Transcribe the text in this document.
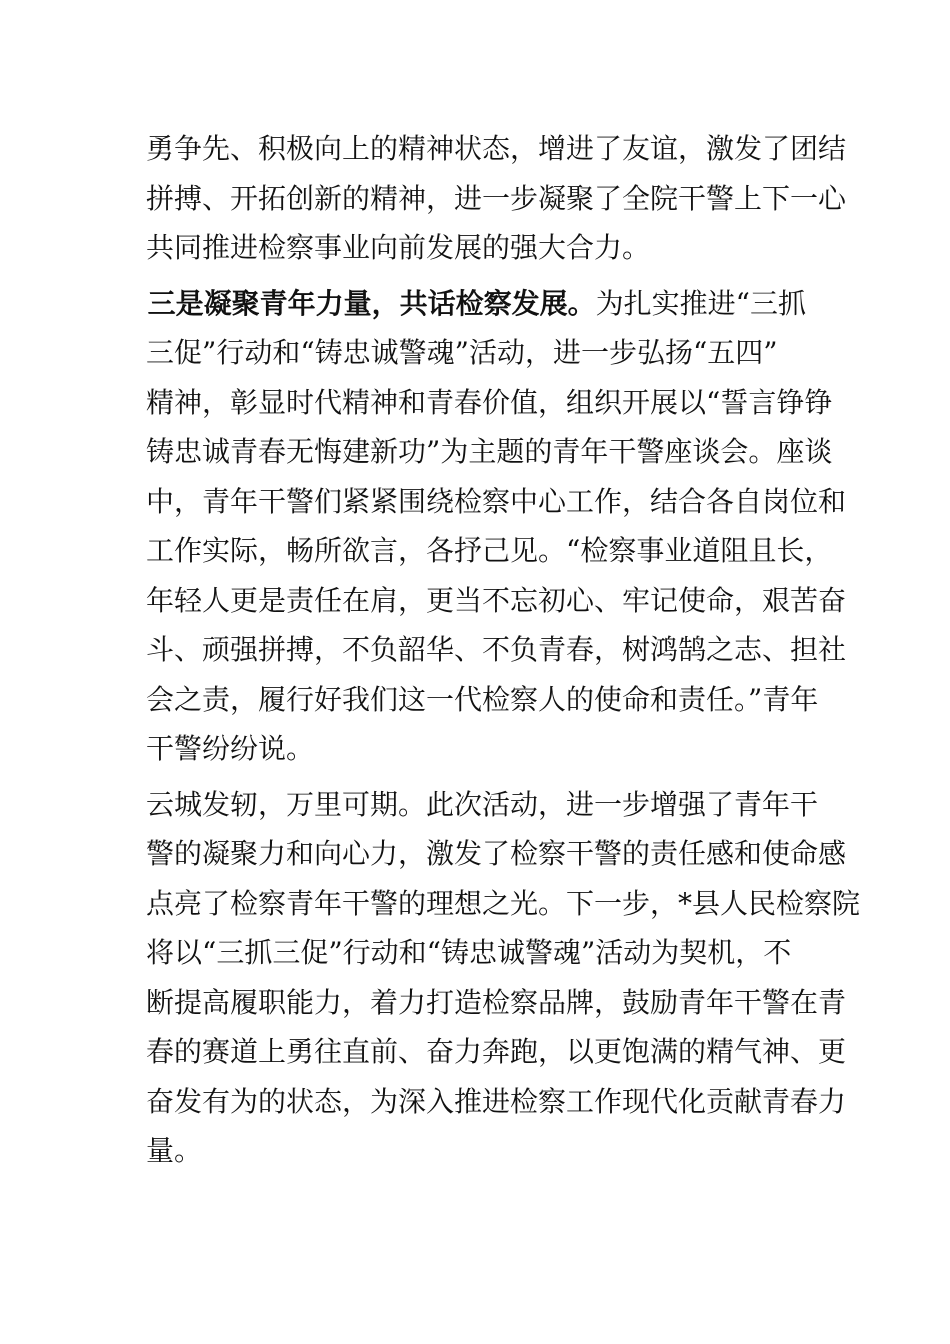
勇争先、积极向上的精神状态，增进了友谊，激发了团结
拼搏、开拓创新的精神，进一步凝聚了全院干警上下一心
共同推进检察事业向前发展的强大合力。
三是凝聚青年力量，共话检察发展。 为扎实推进“三抓
三促”行动和“铸忠诚警魂”活动，进一步弘扬“五四”
精神，彰显时代精神和青春价值，组织开展以“誓言铮铮
铸忠诚青春无悔建新功”为主题的青年干警座谈会。座谈
中，青年干警们紧紧围绕检察中心工作，结合各自岗位和
工作实际，畅所欲言，各抒己见。“检察事业道阻且长，
年轻人更是责任在肩，更当不忘初心、牢记使命，艰苦奋
斗、顽强拼搏，不负韶华、不负青春，树鸿鹄之志、担社
会之责，履行好我们这一代检察人的使命和责任。”青年
干警纷纷说。
云城发轫，万里可期。此次活动，进一步增强了青年干
警的凝聚力和向心力，激发了检察干警的责任感和使命感
点亮了检察青年干警的理想之光。下一步，*县人民检察院
将以“三抓三促”行动和“铸忠诚警魂”活动为契机，不
断提高履职能力，着力打造检察品牌，鼓励青年干警在青
春的赛道上勇往直前、奋力奔跑，以更饱满的精气神、更
奋发有为的状态，为深入推进检察工作现代化贡献青春力
量。
